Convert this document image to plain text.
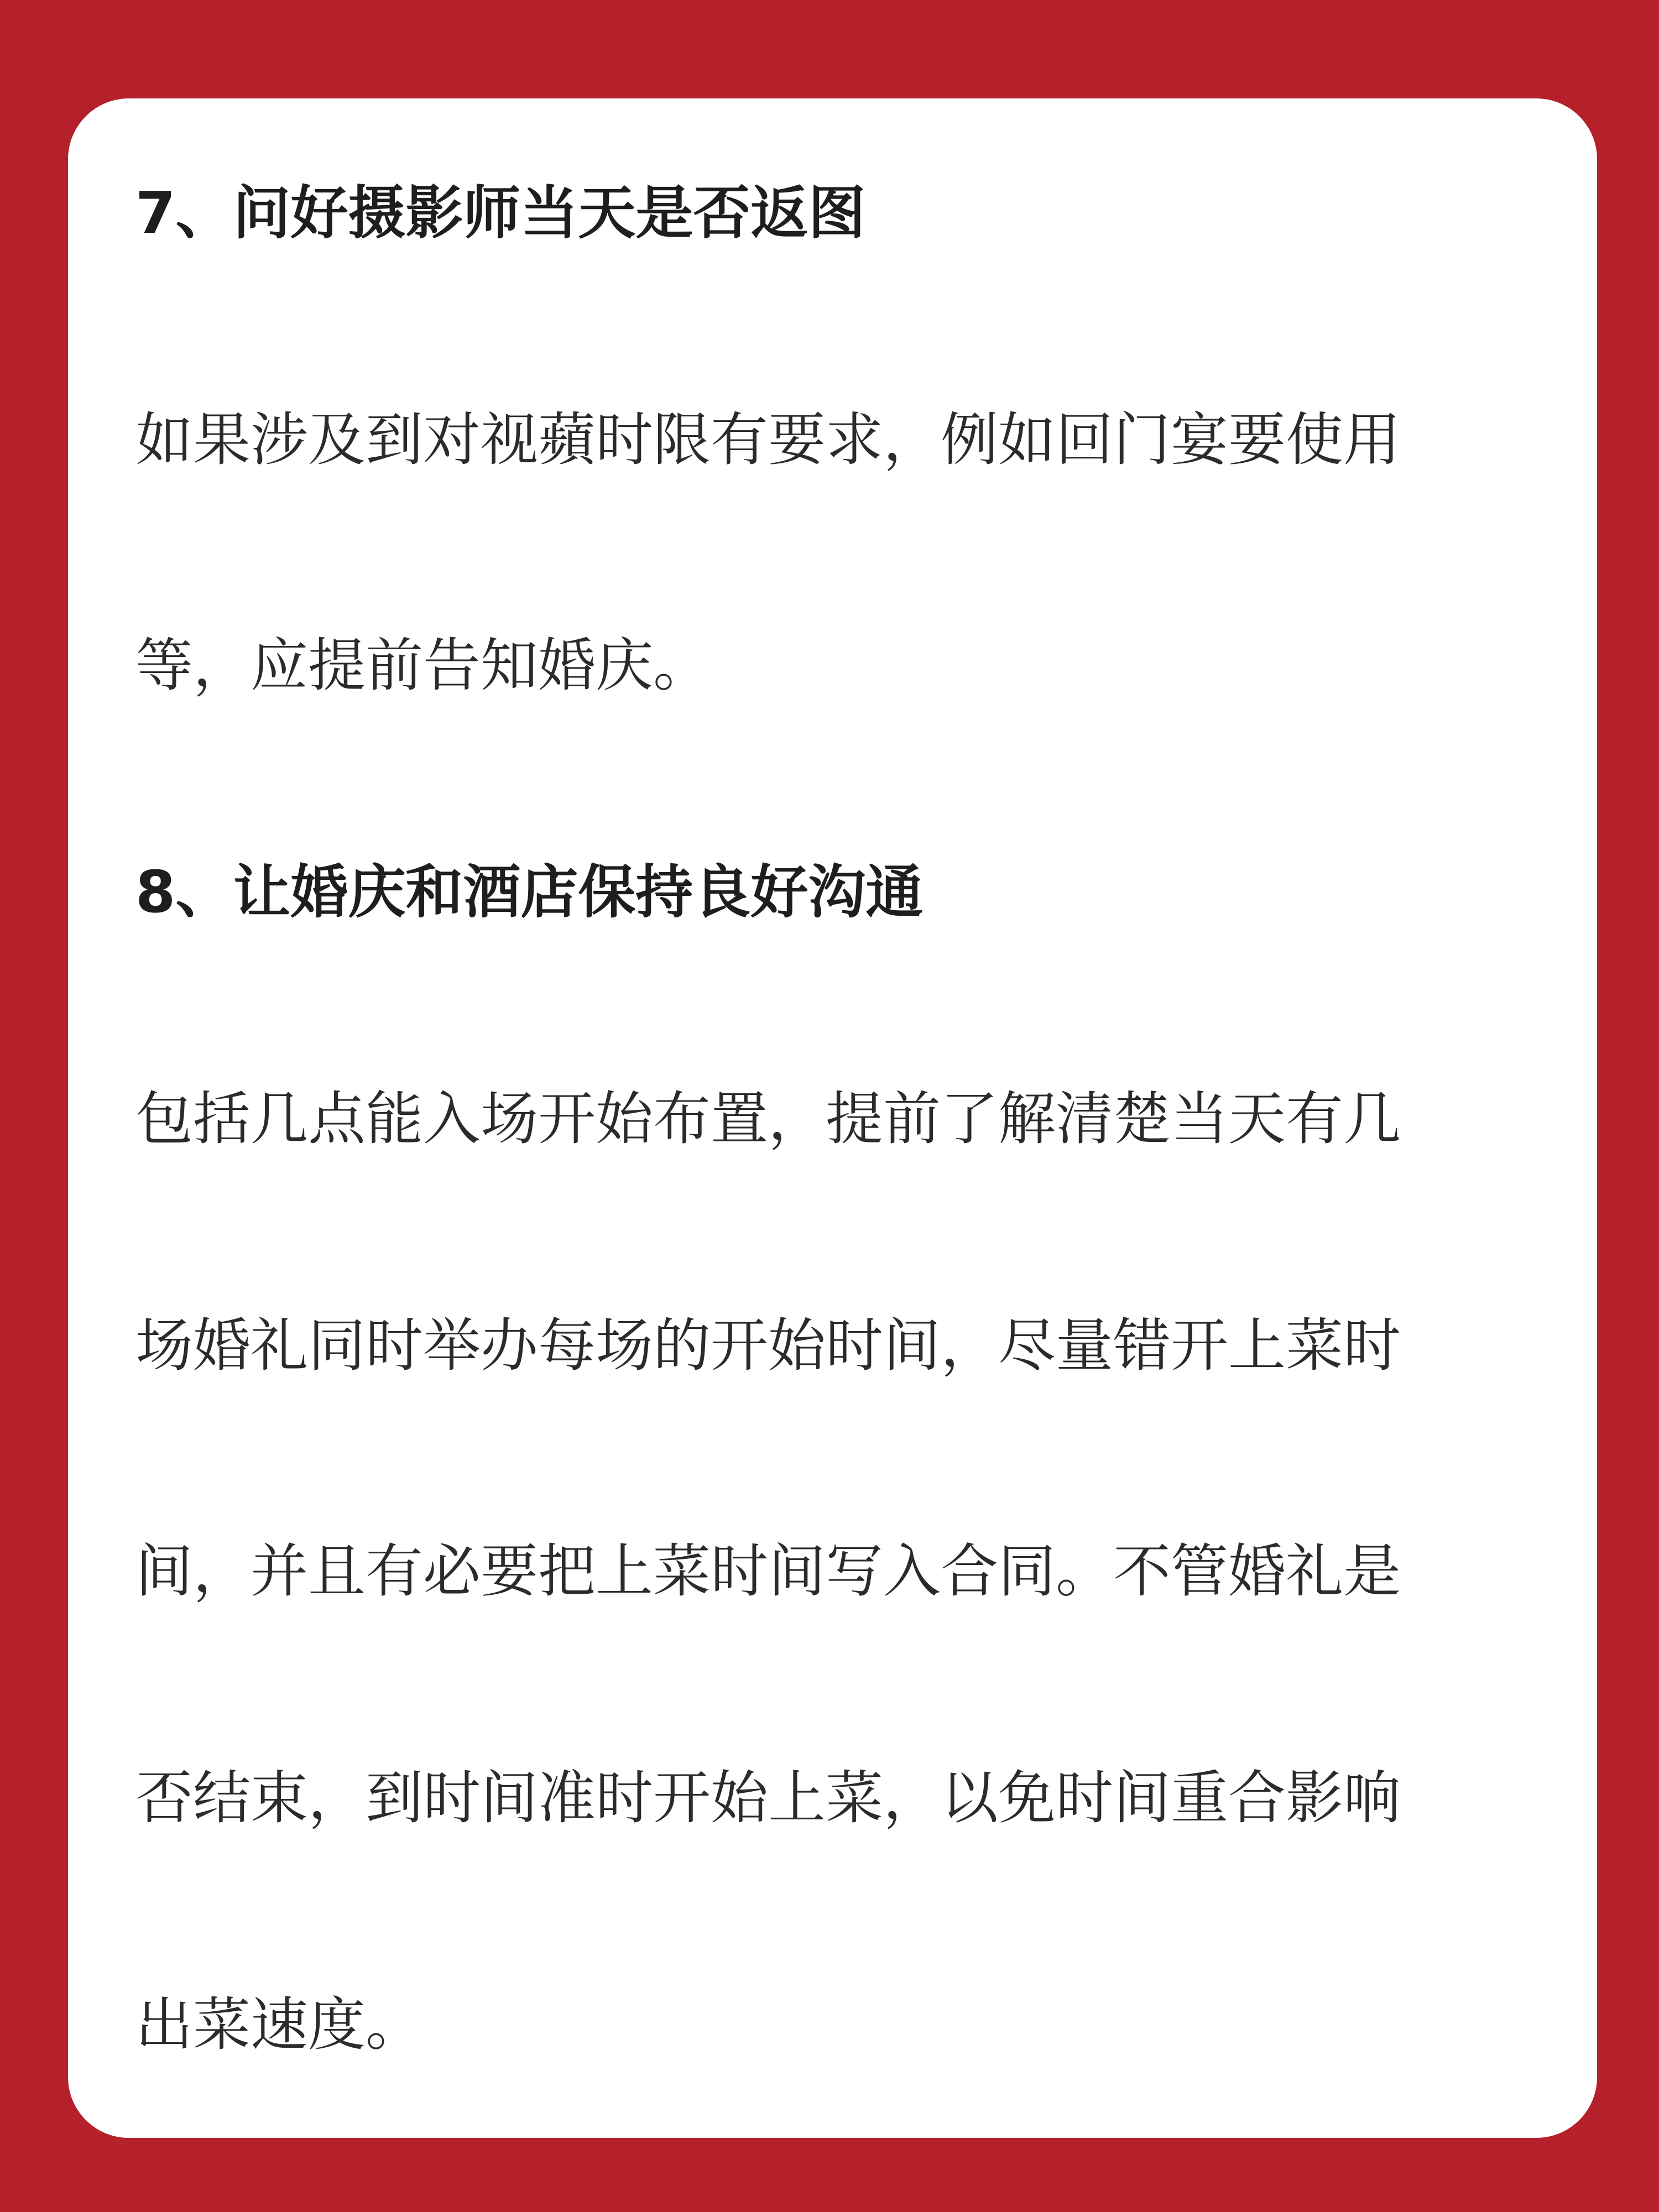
7、问好摄影师当天是否返图
如果涉及到对视蘋时限有要求，例如回门宴要使用
等，应提前告知婚庆。
8、让婚庆和酒店保持良好沟通
包括几点能入场开始布置，提前了解清楚当天有几
场婚礼同时举办每场的开始时间，尽量错开上菜时
间，并且有必要把上菜时间写入合同。不管婚礼是
否结束，到时间准时开始上菜，以免时间重合影响
出菜速度。
